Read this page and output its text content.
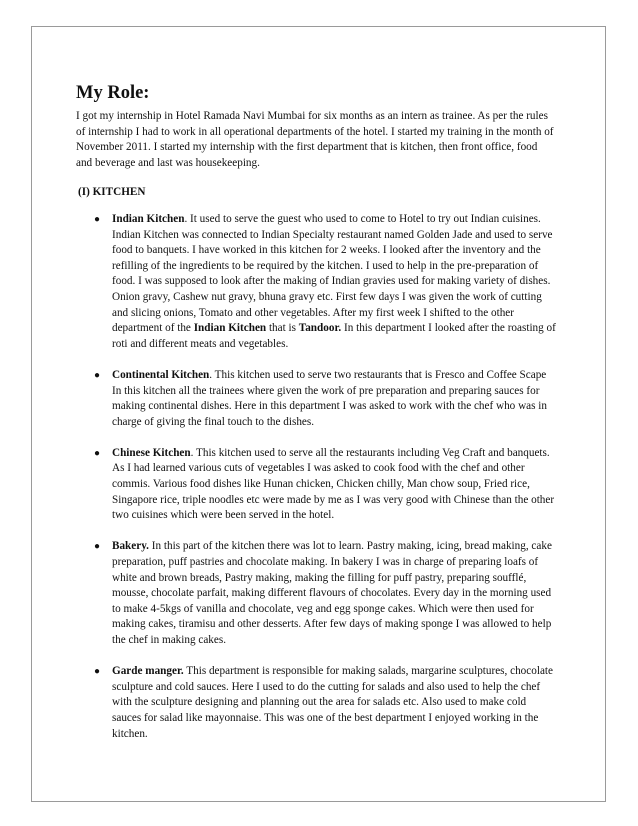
My Role:

I got my internship in Hotel Ramada Navi Mumbai for six months as an intern as trainee. As per the rules of internship I had to work in all operational departments of the hotel. I started my training in the month of November 2011. I started my internship with the first department that is kitchen, then front office, food and beverage and last was housekeeping.

(I) KITCHEN
● Indian Kitchen. It used to serve the guest who used to come to Hotel to try out Indian cuisines. Indian Kitchen was connected to Indian Specialty restaurant named Golden Jade and used to serve food to banquets. I have worked in this kitchen for 2 weeks. I looked after the inventory and the refilling of the ingredients to be required by the kitchen. I used to help in the pre-preparation of food. I was supposed to look after the making of Indian gravies used for making variety of dishes. Onion gravy, Cashew nut gravy, bhuna gravy etc. First few days I was given the work of cutting and slicing onions, Tomato and other vegetables. After my first week I shifted to the other department of the Indian Kitchen that is Tandoor. In this department I looked after the roasting of roti and different meats and vegetables.
● Continental Kitchen. This kitchen used to serve two restaurants that is Fresco and Coffee Scape In this kitchen all the trainees where given the work of pre preparation and preparing sauces for making continental dishes. Here in this department I was asked to work with the chef who was in charge of giving the final touch to the dishes.
● Chinese Kitchen. This kitchen used to serve all the restaurants including Veg Craft and banquets. As I had learned various cuts of vegetables I was asked to cook food with the chef and other commis. Various food dishes like Hunan chicken, Chicken chilly, Man chow soup, Fried rice, Singapore rice, triple noodles etc were made by me as I was very good with Chinese than the other two cuisines which were been served in the hotel.
● Bakery. In this part of the kitchen there was lot to learn. Pastry making, icing, bread making, cake preparation, puff pastries and chocolate making. In bakery I was in charge of preparing loafs of white and brown breads, Pastry making, making the filling for puff pastry, preparing soufflé, mousse, chocolate parfait, making different flavours of chocolates. Every day in the morning used to make 4-5kgs of vanilla and chocolate, veg and egg sponge cakes. Which were then used for making cakes, tiramisu and other desserts. After few days of making sponge I was allowed to help the chef in making cakes.
● Garde manger. This department is responsible for making salads, margarine sculptures, chocolate sculpture and cold sauces. Here I used to do the cutting for salads and also used to help the chef with the sculpture designing and planning out the area for salads etc. Also used to make cold sauces for salad like mayonnaise. This was one of the best department I enjoyed working in the kitchen.
